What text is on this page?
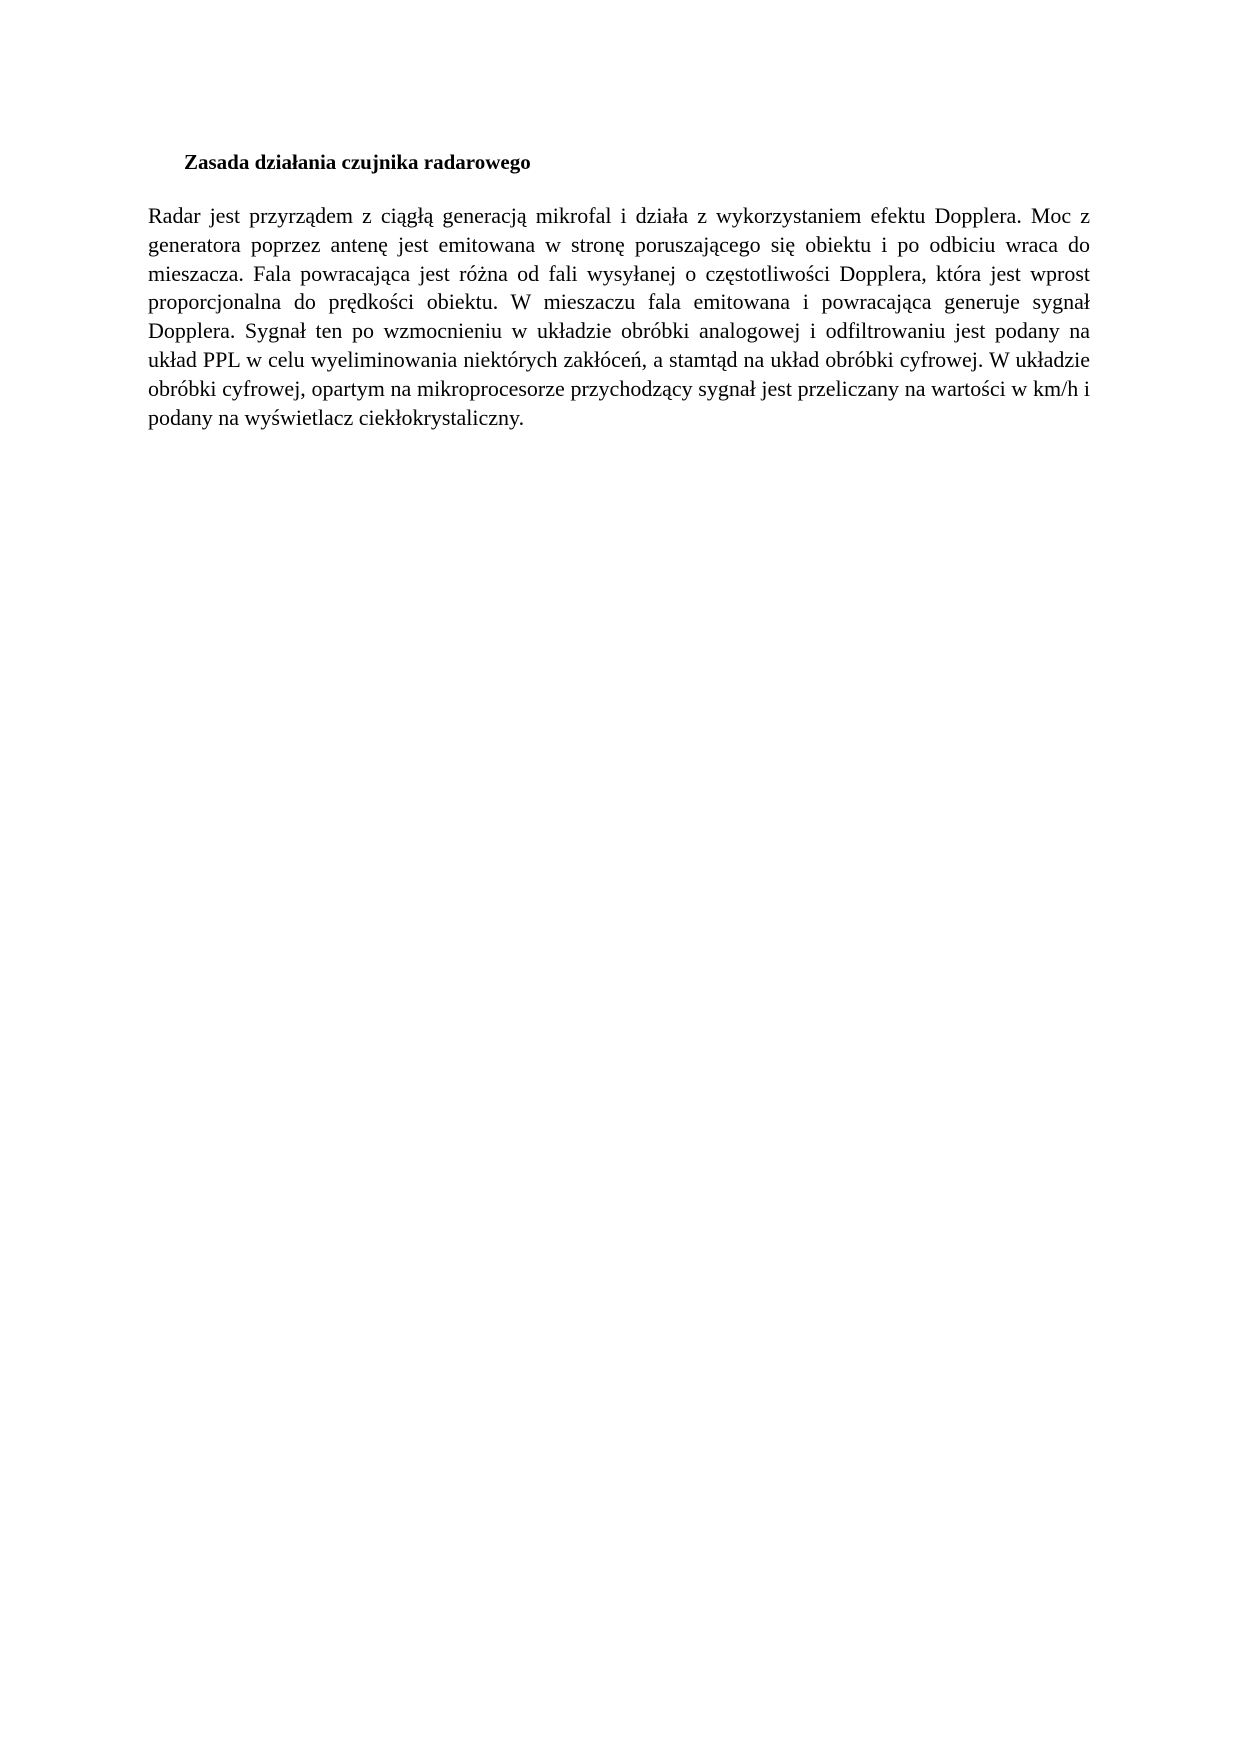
Zasada działania czujnika radarowego

Radar jest przyrządem z ciągłą generacją mikrofal i działa z wykorzystaniem efektu Dopplera. Moc z generatora poprzez antenę jest emitowana w stronę poruszającego się obiektu i po odbiciu wraca do mieszacza. Fala powracająca jest różna od fali wysyłanej o częstotliwości Dopplera, która jest wprost proporcjonalna do prędkości obiektu. W mieszaczu fala emitowana i powracająca generuje sygnał Dopplera. Sygnał ten po wzmocnieniu w układzie obróbki analogowej i odfiltrowaniu jest podany na układ PPL w celu wyeliminowania niektórych zakłóceń, a stamtąd na układ obróbki cyfrowej. W układzie obróbki cyfrowej, opartym na mikroprocesorze przychodzący sygnał jest przeliczany na wartości w km/h i podany na wyświetlacz ciekłokrystaliczny.
